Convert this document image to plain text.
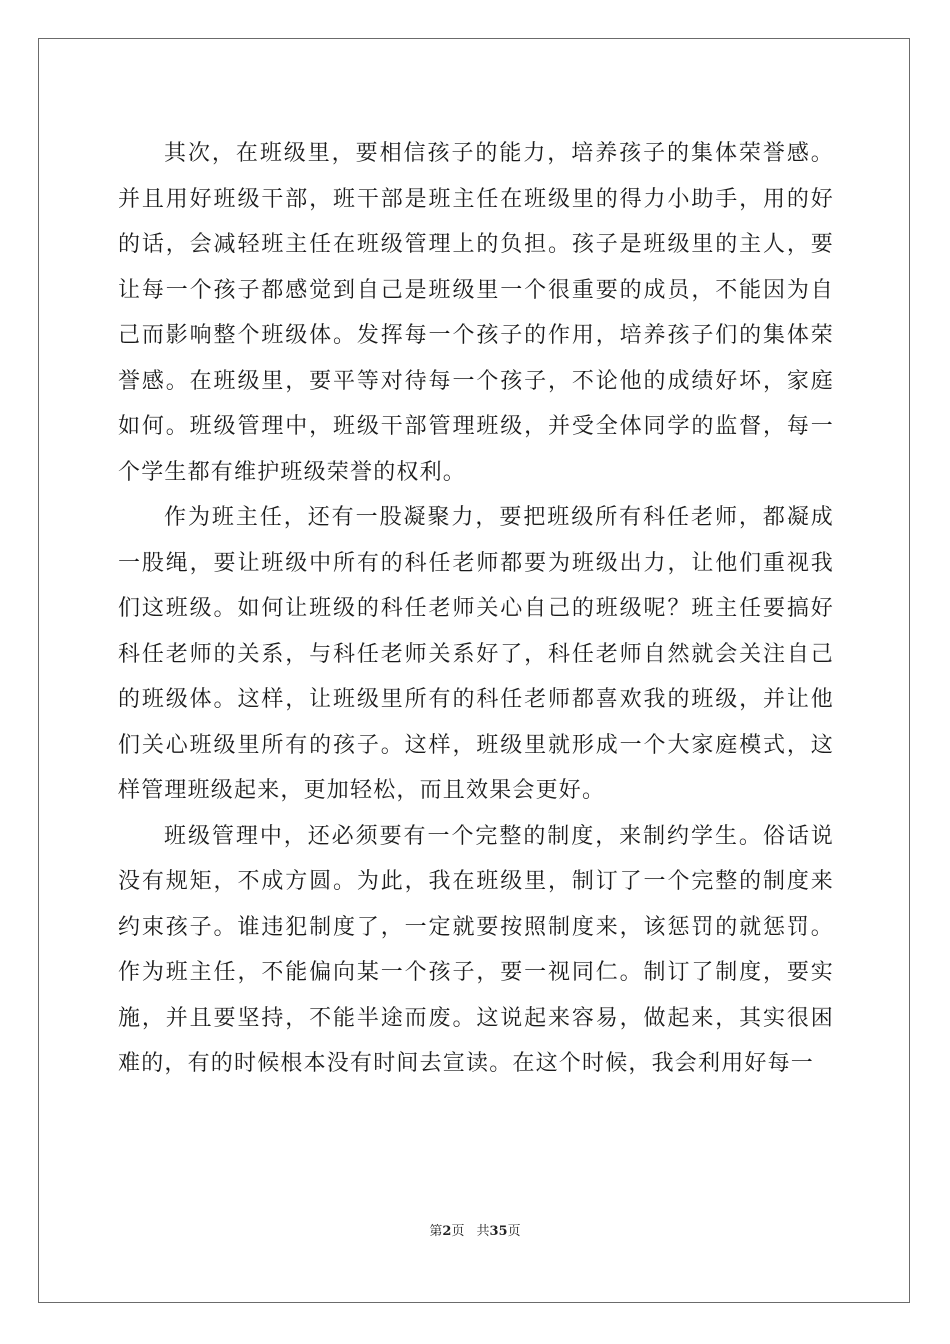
其次，在班级里，要相信孩子的能力，培养孩子的集体荣誉感。并且用好班级干部，班干部是班主任在班级里的得力小助手，用的好的话，会减轻班主任在班级管理上的负担。孩子是班级里的主人，要让每一个孩子都感觉到自己是班级里一个很重要的成员，不能因为自己而影响整个班级体。发挥每一个孩子的作用，培养孩子们的集体荣誉感。在班级里，要平等对待每一个孩子，不论他的成绩好坏，家庭如何。班级管理中，班级干部管理班级，并受全体同学的监督，每一个学生都有维护班级荣誉的权利。

作为班主任，还有一股凝聚力，要把班级所有科任老师，都凝成一股绳，要让班级中所有的科任老师都要为班级出力，让他们重视我们这班级。如何让班级的科任老师关心自己的班级呢？班主任要搞好科任老师的关系，与科任老师关系好了，科任老师自然就会关注自己的班级体。这样，让班级里所有的科任老师都喜欢我的班级，并让他们关心班级里所有的孩子。这样，班级里就形成一个大家庭模式，这样管理班级起来，更加轻松，而且效果会更好。

班级管理中，还必须要有一个完整的制度，来制约学生。俗话说没有规矩，不成方圆。为此，我在班级里，制订了一个完整的制度来约束孩子。谁违犯制度了，一定就要按照制度来，该惩罚的就惩罚。作为班主任，不能偏向某一个孩子，要一视同仁。制订了制度，要实施，并且要坚持，不能半途而废。这说起来容易，做起来，其实很困难的，有的时候根本没有时间去宣读。在这个时候，我会利用好每一

第2页 共35页
